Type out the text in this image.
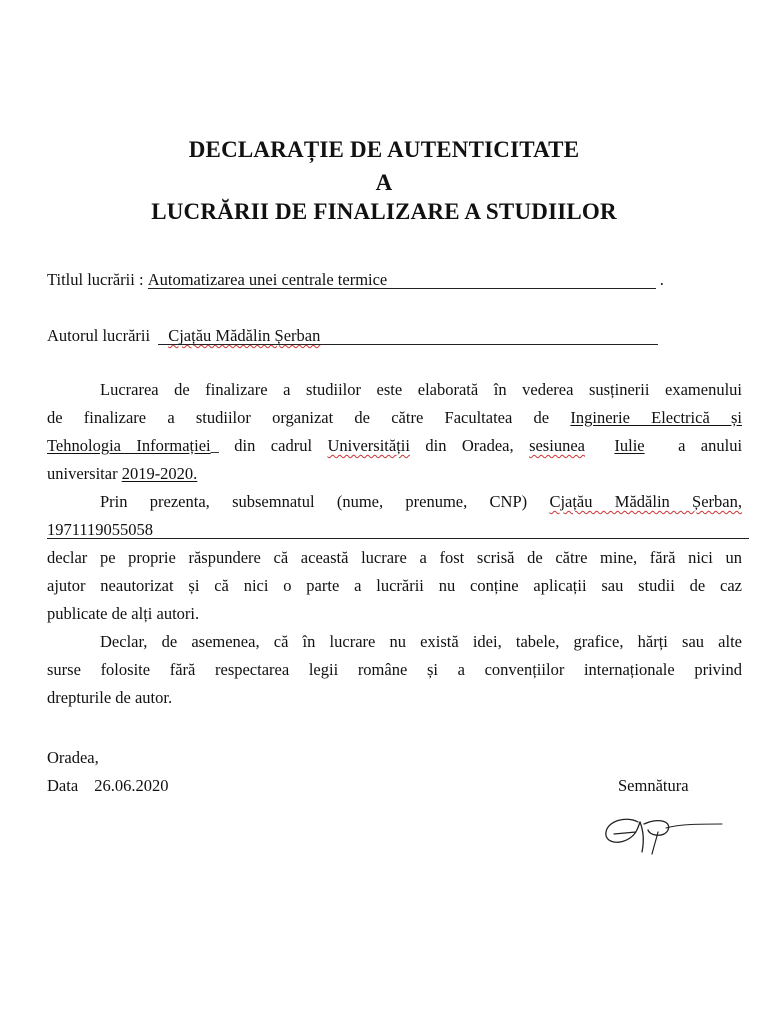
DECLARAȚIE DE AUTENTICITATE
A
LUCRĂRII DE FINALIZARE A STUDIILOR
Titlul lucrării : Automatizarea unei centrale termice	.
Autorul lucrării Cjațău Mădălin Șerban
Lucrarea de finalizare a studiilor este elaborată în vederea susținerii examenului
de finalizare a studiilor organizat de către Facultatea de Inginerie Electrică și
Tehnologia Informației_ din cadrul Universității din Oradea, sesiunea Iulie a anului
universitar 2019-2020.
Prin prezenta, subsemnatul (nume, prenume, CNP) Cjațău Mădălin Șerban,
1971119055058
declar pe proprie răspundere că această lucrare a fost scrisă de către mine, fără nici un
ajutor neautorizat și că nici o parte a lucrării nu conține aplicații sau studii de caz
publicate de alți autori.
Declar, de asemenea, că în lucrare nu există idei, tabele, grafice, hărți sau alte
surse folosite fără respectarea legii române și a convențiilor internaționale privind
drepturile de autor.
Oradea,
Data 26.06.2020	Semnătura
